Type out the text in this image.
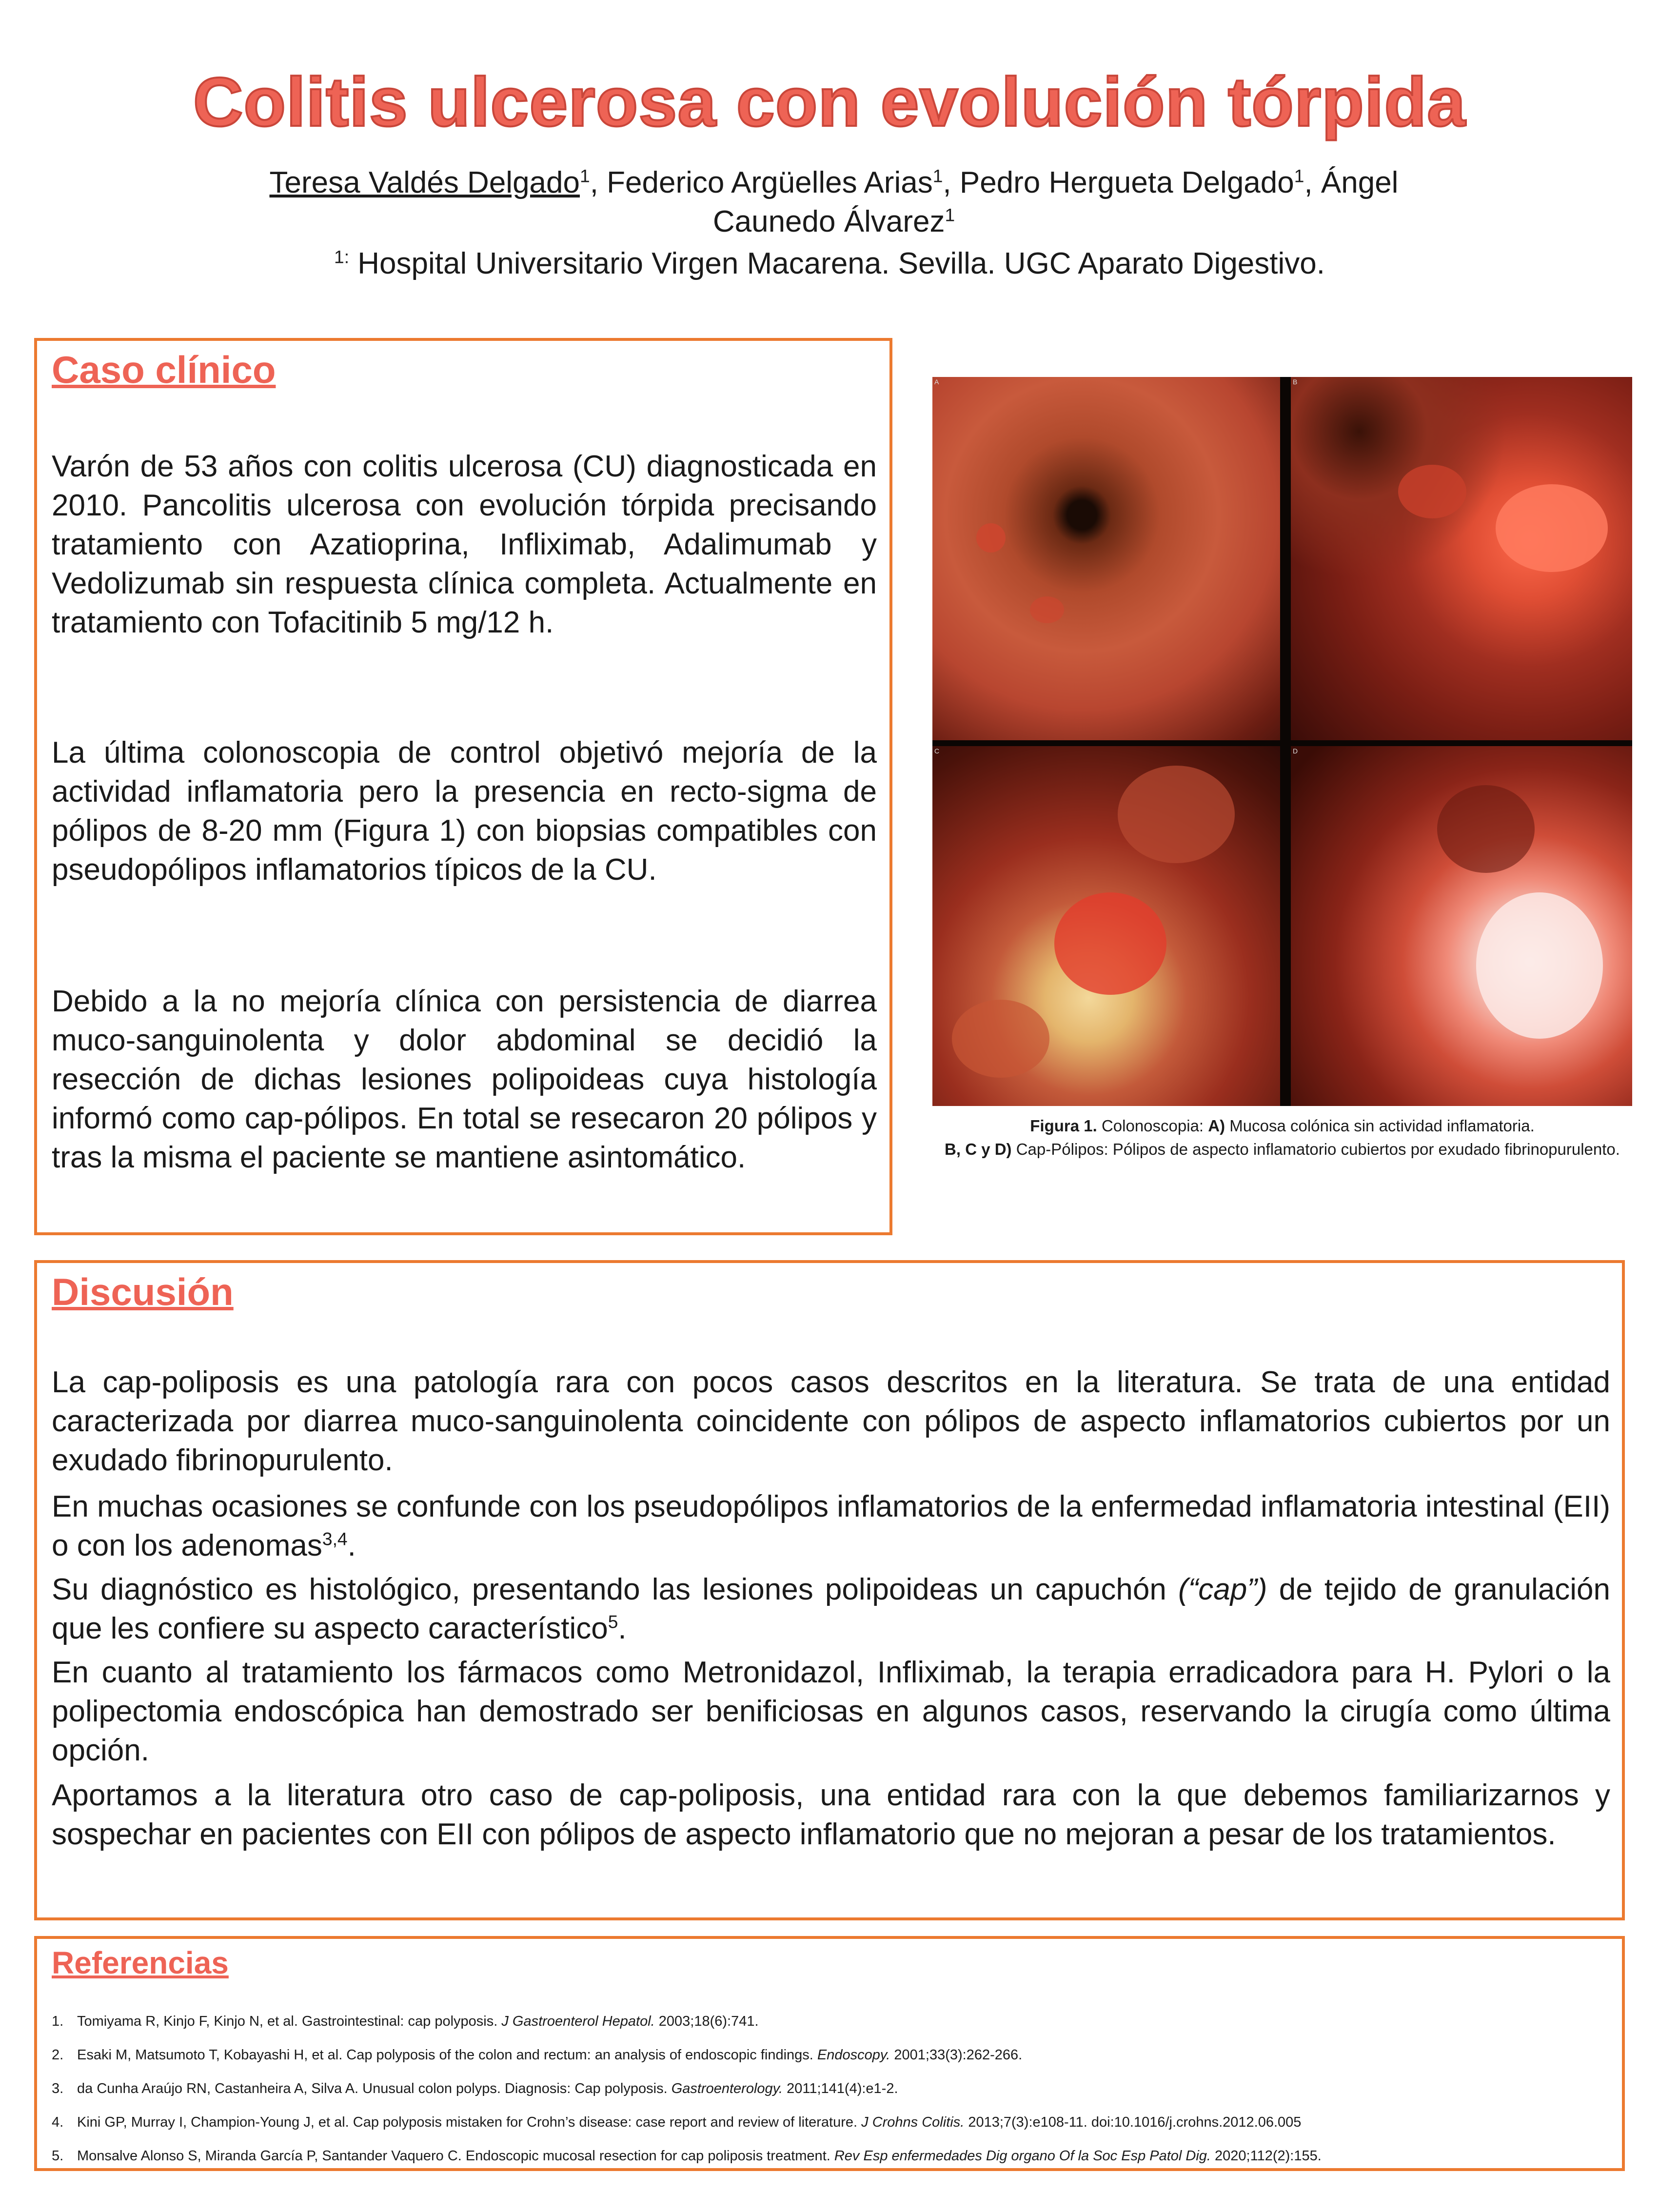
Colitis ulcerosa con evolución tórpida
Teresa Valdés Delgado$^1$, Federico Argüelles Arias$^1$, Pedro Hergueta Delgado$^1$, Ángel Caunedo Álvarez$^1$
$^{1:}$ Hospital Universitario Virgen Macarena. Sevilla. UGC Aparato Digestivo.
Caso clínico
Varón de 53 años con colitis ulcerosa (CU) diagnosticada en 2010. Pancolitis ulcerosa con evolución tórpida precisando tratamiento con Azatioprina, Infliximab, Adalimumab y Vedolizumab sin respuesta clínica completa. Actualmente en tratamiento con Tofacitinib 5 mg/12 h.
La última colonoscopia de control objetivó mejoría de la actividad inflamatoria pero la presencia en recto-sigma de pólipos de 8-20 mm (Figura 1) con biopsias compatibles con pseudopólipos inflamatorios típicos de la CU.
Debido a la no mejoría clínica con persistencia de diarrea muco-sanguinolenta y dolor abdominal se decidió la resección de dichas lesiones polipoideas cuya histología informó como cap-pólipos. En total se resecaron 20 pólipos y tras la misma el paciente se mantiene asintomático.
A	B
C	D
Figura 1. Colonoscopia: A) Mucosa colónica sin actividad inflamatoria.
B, C y D) Cap-Pólipos: Pólipos de aspecto inflamatorio cubiertos por exudado fibrinopurulento.
Discusión
La cap-poliposis es una patología rara con pocos casos descritos en la literatura. Se trata de una entidad caracterizada por diarrea muco-sanguinolenta coincidente con pólipos de aspecto inflamatorios cubiertos por un exudado fibrinopurulento.
En muchas ocasiones se confunde con los pseudopólipos inflamatorios de la enfermedad inflamatoria intestinal (EII) o con los adenomas$^{3,4}$.
Su diagnóstico es histológico, presentando las lesiones polipoideas un capuchón (“cap”) de tejido de granulación que les confiere su aspecto característico$^5$.
En cuanto al tratamiento los fármacos como Metronidazol, Infliximab, la terapia erradicadora para H. Pylori o la polipectomia endoscópica han demostrado ser benificiosas en algunos casos, reservando la cirugía como última opción.
Aportamos a la literatura otro caso de cap-poliposis, una entidad rara con la que debemos familiarizarnos y sospechar en pacientes con EII con pólipos de aspecto inflamatorio que no mejoran a pesar de los tratamientos.
Referencias
1. Tomiyama R, Kinjo F, Kinjo N, et al. Gastrointestinal: cap polyposis. J Gastroenterol Hepatol. 2003;18(6):741.
2. Esaki M, Matsumoto T, Kobayashi H, et al. Cap polyposis of the colon and rectum: an analysis of endoscopic findings. Endoscopy. 2001;33(3):262-266.
3. da Cunha Araújo RN, Castanheira A, Silva A. Unusual colon polyps. Diagnosis: Cap polyposis. Gastroenterology. 2011;141(4):e1-2.
4. Kini GP, Murray I, Champion-Young J, et al. Cap polyposis mistaken for Crohn’s disease: case report and review of literature. J Crohns Colitis. 2013;7(3):e108-11. doi:10.1016/j.crohns.2012.06.005
5. Monsalve Alonso S, Miranda García P, Santander Vaquero C. Endoscopic mucosal resection for cap poliposis treatment. Rev Esp enfermedades Dig organo Of la Soc Esp Patol Dig. 2020;112(2):155.
